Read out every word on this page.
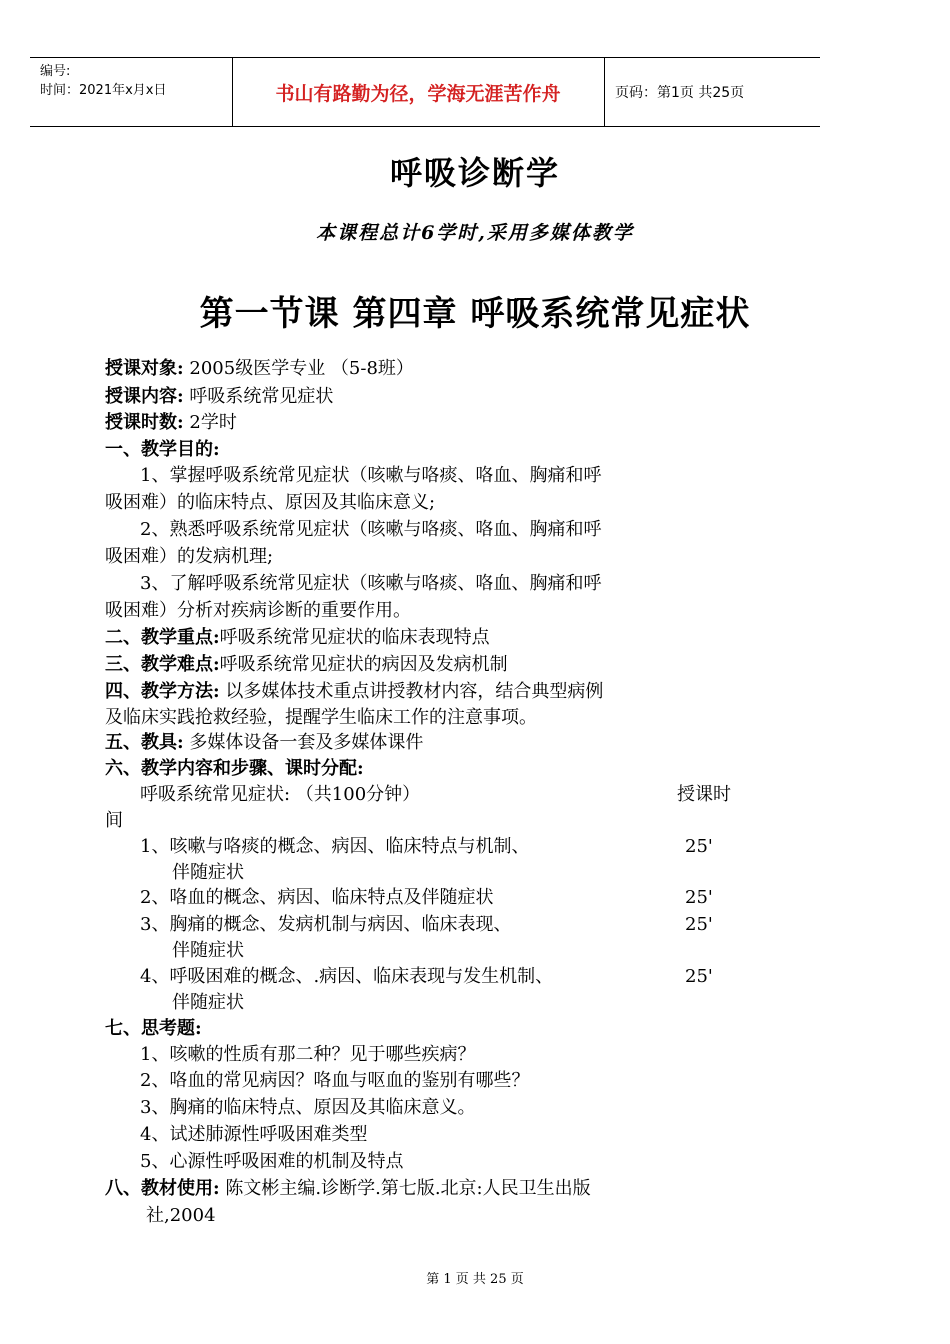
编号:
时间：2021年x月x日	书山有路勤为径，学海无涯苦作舟	页码：第1页 共25页
呼吸诊断学
本课程总计6学时,采用多媒体教学
第一节课 第四章 呼吸系统常见症状
授课对象: 2005级医学专业 （5-8班）
授课内容: 呼吸系统常见症状
授课时数: 2学时
一、教学目的:
1、掌握呼吸系统常见症状（咳嗽与咯痰、咯血、胸痛和呼
吸困难）的临床特点、原因及其临床意义;
2、熟悉呼吸系统常见症状（咳嗽与咯痰、咯血、胸痛和呼
吸困难）的发病机理;
3、了解呼吸系统常见症状（咳嗽与咯痰、咯血、胸痛和呼
吸困难）分析对疾病诊断的重要作用。
二、教学重点:呼吸系统常见症状的临床表现特点
三、教学难点:呼吸系统常见症状的病因及发病机制
四、教学方法: 以多媒体技术重点讲授教材内容，结合典型病例
及临床实践抢救经验，提醒学生临床工作的注意事项。
五、教具: 多媒体设备一套及多媒体课件
六、教学内容和步骤、课时分配:
呼吸系统常见症状: （共100分钟）	授课时
间
1、咳嗽与咯痰的概念、病因、临床特点与机制、	25'
伴随症状
2、咯血的概念、病因、临床特点及伴随症状	25'
3、胸痛的概念、发病机制与病因、临床表现、	25'
伴随症状
4、呼吸困难的概念、.病因、临床表现与发生机制、	25'
伴随症状
七、思考题:
1、咳嗽的性质有那二种？见于哪些疾病？
2、咯血的常见病因？咯血与呕血的鉴别有哪些？
3、胸痛的临床特点、原因及其临床意义。
4、试述肺源性呼吸困难类型
5、心源性呼吸困难的机制及特点
八、教材使用: 陈文彬主编.诊断学.第七版.北京:人民卫生出版
社,2004
第 1 页 共 25 页
